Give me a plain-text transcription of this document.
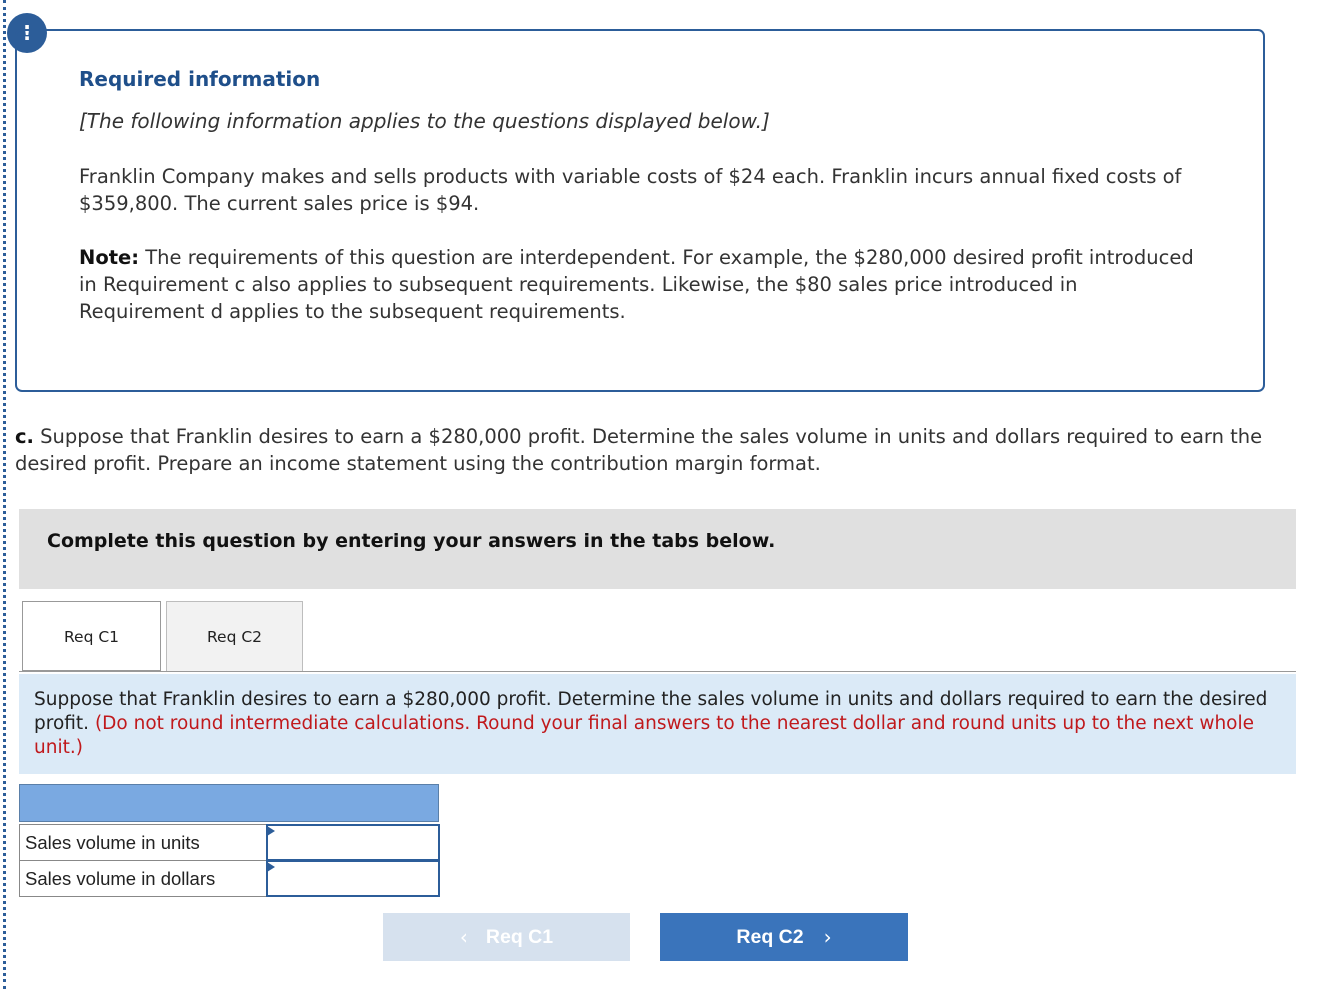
!
Required information
[The following information applies to the questions displayed below.]
Franklin Company makes and sells products with variable costs of $24 each. Franklin incurs annual fixed costs of $359,800. The current sales price is $94.
Note: The requirements of this question are interdependent. For example, the $280,000 desired profit introduced in Requirement c also applies to subsequent requirements. Likewise, the $80 sales price introduced in Requirement d applies to the subsequent requirements.
c. Suppose that Franklin desires to earn a $280,000 profit. Determine the sales volume in units and dollars required to earn the desired profit. Prepare an income statement using the contribution margin format.
Complete this question by entering your answers in the tabs below.
Req C1	Req C2
Suppose that Franklin desires to earn a $280,000 profit. Determine the sales volume in units and dollars required to earn the desired profit. (Do not round intermediate calculations. Round your final answers to the nearest dollar and round units up to the next whole unit.)
Sales volume in units
Sales volume in dollars
‹ Req C1	Req C2 ›
